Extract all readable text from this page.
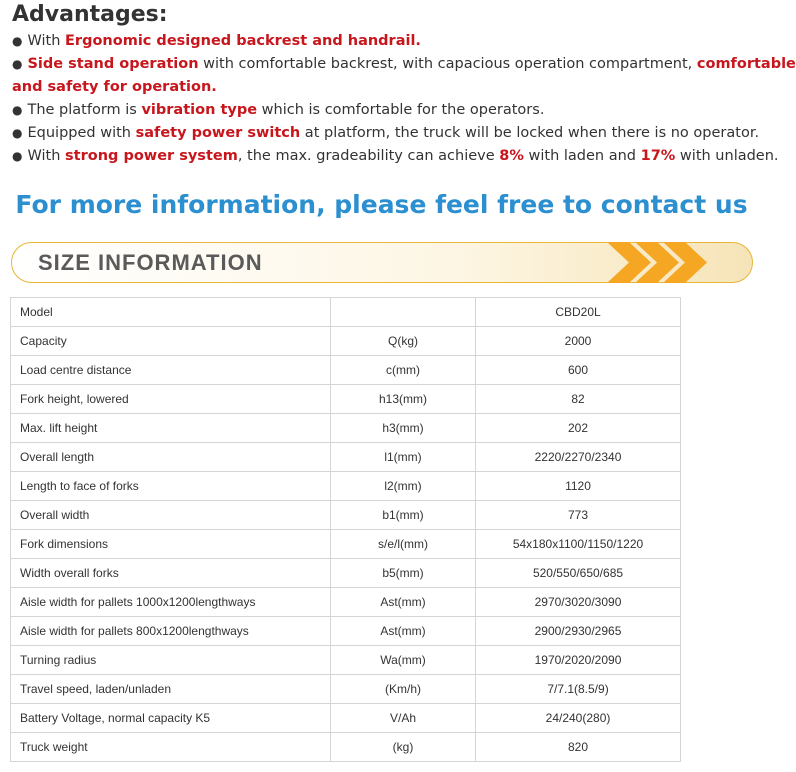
Advantages:
● With Ergonomic designed backrest and handrail.
● Side stand operation with comfortable backrest, with capacious operation compartment, comfortable
and safety for operation.
● The platform is vibration type which is comfortable for the operators.
● Equipped with safety power switch at platform, the truck will be locked when there is no operator.
● With strong power system, the max. gradeability can achieve 8% with laden and 17% with unladen.
For more information, please feel free to contact us
SIZE INFORMATION
Model		CBD20L
Capacity	Q(kg)	2000
Load centre distance	c(mm)	600
Fork height, lowered	h13(mm)	82
Max. lift height	h3(mm)	202
Overall length	l1(mm)	2220/2270/2340
Length to face of forks	l2(mm)	1120
Overall width	b1(mm)	773
Fork dimensions	s/e/l(mm)	54x180x1100/1150/1220
Width overall forks	b5(mm)	520/550/650/685
Aisle width for pallets 1000x1200lengthways	Ast(mm)	2970/3020/3090
Aisle width for pallets 800x1200lengthways	Ast(mm)	2900/2930/2965
Turning radius	Wa(mm)	1970/2020/2090
Travel speed, laden/unladen	(Km/h)	7/7.1(8.5/9)
Battery Voltage, normal capacity K5	V/Ah	24/240(280)
Truck weight	(kg)	820
